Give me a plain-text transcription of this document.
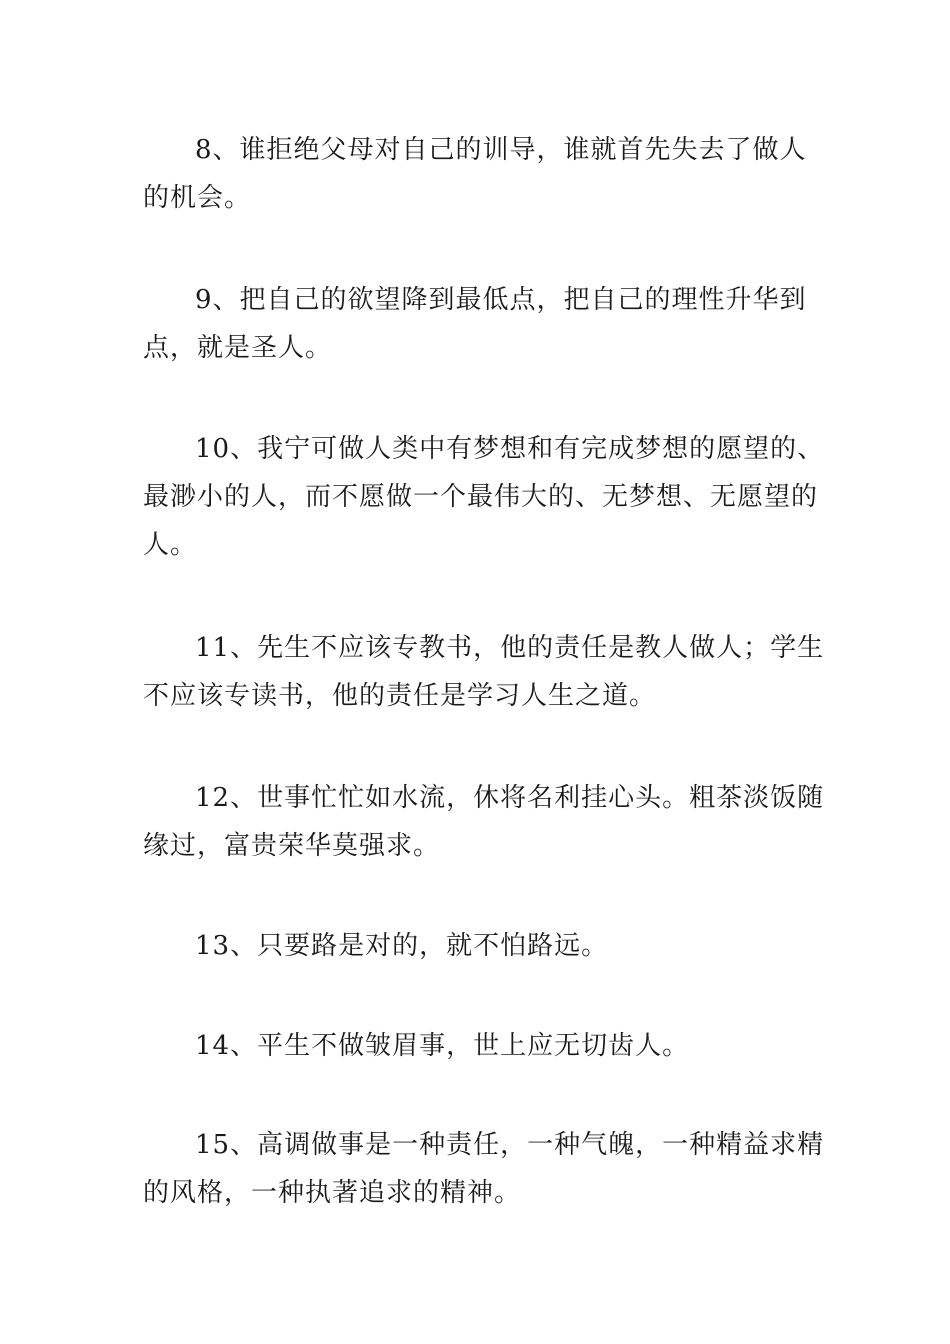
8、谁拒绝父母对自己的训导，谁就首先失去了做人的机会。

9、把自己的欲望降到最低点，把自己的理性升华到点，就是圣人。

10、我宁可做人类中有梦想和有完成梦想的愿望的、最渺小的人，而不愿做一个最伟大的、无梦想、无愿望的人。

11、先生不应该专教书，他的责任是教人做人；学生不应该专读书，他的责任是学习人生之道。

12、世事忙忙如水流，休将名利挂心头。粗茶淡饭随缘过，富贵荣华莫强求。

13、只要路是对的，就不怕路远。

14、平生不做皱眉事，世上应无切齿人。

15、高调做事是一种责任，一种气魄，一种精益求精的风格，一种执著追求的精神。
